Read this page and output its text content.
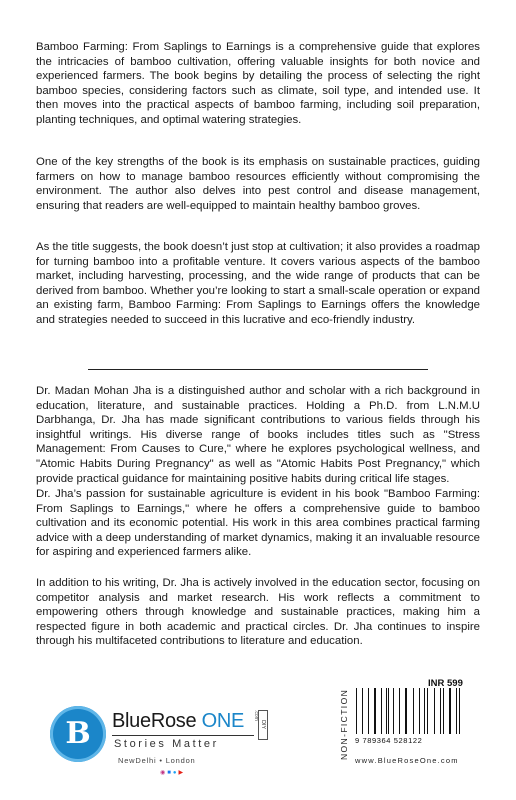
Bamboo Farming: From Saplings to Earnings is a comprehensive guide that explores the intricacies of bamboo cultivation, offering valuable insights for both novice and experienced farmers. The book begins by detailing the process of selecting the right bamboo species, considering factors such as climate, soil type, and intended use. It then moves into the practical aspects of bamboo farming, including soil preparation, planting techniques, and optimal watering strategies.

One of the key strengths of the book is its emphasis on sustainable practices, guiding farmers on how to manage bamboo resources efficiently without compromising the environment. The author also delves into pest control and disease management, ensuring that readers are well-equipped to maintain healthy bamboo groves.

As the title suggests, the book doesn’t just stop at cultivation; it also provides a roadmap for turning bamboo into a profitable venture. It covers various aspects of the bamboo market, including harvesting, processing, and the wide range of products that can be derived from bamboo. Whether you’re looking to start a small-scale operation or expand an existing farm, Bamboo Farming: From Saplings to Earnings offers the knowledge and strategies needed to succeed in this lucrative and eco-friendly industry.

Dr. Madan Mohan Jha is a distinguished author and scholar with a rich background in education, literature, and sustainable practices. Holding a Ph.D. from L.N.M.U Darbhanga, Dr. Jha has made significant contributions to various fields through his insightful writings. His diverse range of books includes titles such as "Stress Management: From Causes to Cure," where he explores psychological wellness, and "Atomic Habits During Pregnancy" as well as "Atomic Habits Post Pregnancy," which provide practical guidance for maintaining positive habits during critical life stages.

Dr. Jha’s passion for sustainable agriculture is evident in his book "Bamboo Farming: From Saplings to Earnings," where he offers a comprehensive guide to bamboo cultivation and its economic potential. His work in this area combines practical farming advice with a deep understanding of market dynamics, making it an invaluable resource for aspiring and experienced farmers alike.

In addition to his writing, Dr. Jha is actively involved in the education sector, focusing on competitor analysis and market research. His work reflects a commitment to empowering others through knowledge and sustainable practices, making him a respected figure in both academic and practical circles. Dr. Jha continues to inspire through his multifaceted contributions to literature and education.

B	BlueRose ONE .com
DIY
Stories Matter
NewDelhi • London
◉ ■ ● ▶
NON-FICTION
INR 599
9 789364 528122
www.BlueRoseOne.com
